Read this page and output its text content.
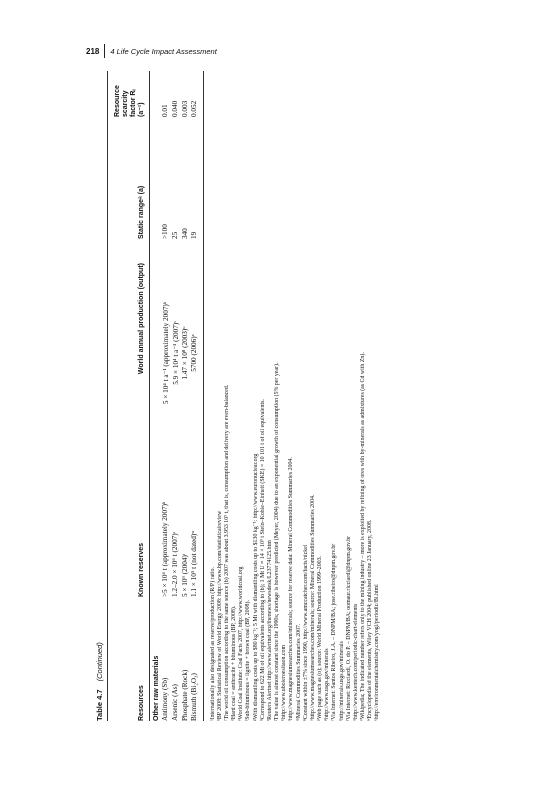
218 4 Life Cycle Impact Assessment
Table 4.7 (Continued)
Resources	Known reserves	World annual production (output)	Static rangeᵃ (a)	Resource scarcity factor Rᵢ (a⁻¹)

Other raw materials				
Antimony (Sb)	>5 × 10⁶ t (approximately 2007)ʰ	5 × 10⁴ t a⁻¹ (approximately 2007)ʰ	>100	0.01
Arsenic (As)	1.2–2.0 × 10⁶ t (2007)ˢ	5.9 × 10⁴ t a⁻¹ (2007)ˢ	25	0.040
Phosphate (Rock)	5 × 10⁹ (2004)ᵗ	1.47 × 10⁸ (2003)ᵘ	340	0.003
Bismuth (Bi₂O₃)	1.1 × 10⁵ t (not dated)ʷ	5700 (2006)ˣ	19	0.052

ᵃInternationally also designated as reserve/production (R/P) ratio. ᵇBP 2008: Statistical Review of World Energy 2008: http://www.bp.com/statisticalreview ᶜThe world oil consumption according to the same source (b) 2007 was about 3.953 10⁹ t, that is, consumption and delivery are even-balanced. ᵈHard coal = anthracite + bituminous (BP, 2008). ᵉWorld Coal Institute: Coal Facts 2007, http://www.worldcoal.org ᶠSub-bituminous = lignite + brown coal (BP, 2008). ᵍWith dismantling costs up to $80 kg⁻¹; 5 Mt with dismantling costs up to $130 kg⁻¹: http://www.euronuclear.org ʰCorrespond to 622 Mt of oil equivalents according to (b); 1 Mt U ≈ 14 × 10⁹ t Stein–Kohle–Einheit (SKE) = 10 101 t of oil equivalents. ⁱReuters Alertnet http://www.alertnet.org/thenews/newsdesk/L23774125.htm ʲThe value is almost constant since the 1990s; shortage is however predicted (Meyer, 2004) due to an exponential growth of consumption (5% per year). ᵏhttp://www.uboleroesltaon.com ˡhttp://www.magnesiumsearches.com/minerals; source for reserve data: Mineral Commodities Summaries 2004. ᵐMineral Commodities Summaries 2007. ⁿConstant within ±7% since 1990, http://www.amccatcher.com/facts/nickel ᵒhttp://www.magnesiumsearches.com/minerals; source: Mineral Commodities Summaries 2004. ᵖWeb page such as (o); source: World Mineral Production 1999–2003. ᵠhttp://www.usgs.gov/minerals ʳVia Internet: Santos Ribeiro, J.A. – DNPM/BA; jose.ribeiro@dnpm.gov.br ˢhttp://minerals.usgs.gov/minerals ᵗVia Internet: Ricciardi, O. do P. – DNPM/BA; oomaur.ricciardi@dnpm.gov.br ᵘhttp://www.kentech.com/periodic-chart-elements ᵛWikipedia; The indicated number refers only to the mining industry – more is exploited by refining of ores with by-minerals as admixtures (as Cd with Zn). ʷEncyclopedia of the elements, Wiley VCH 2004; published online 23 January, 2008. ˣhttp://environmentalchemistry.com/yogi/periodic/Bi.html
